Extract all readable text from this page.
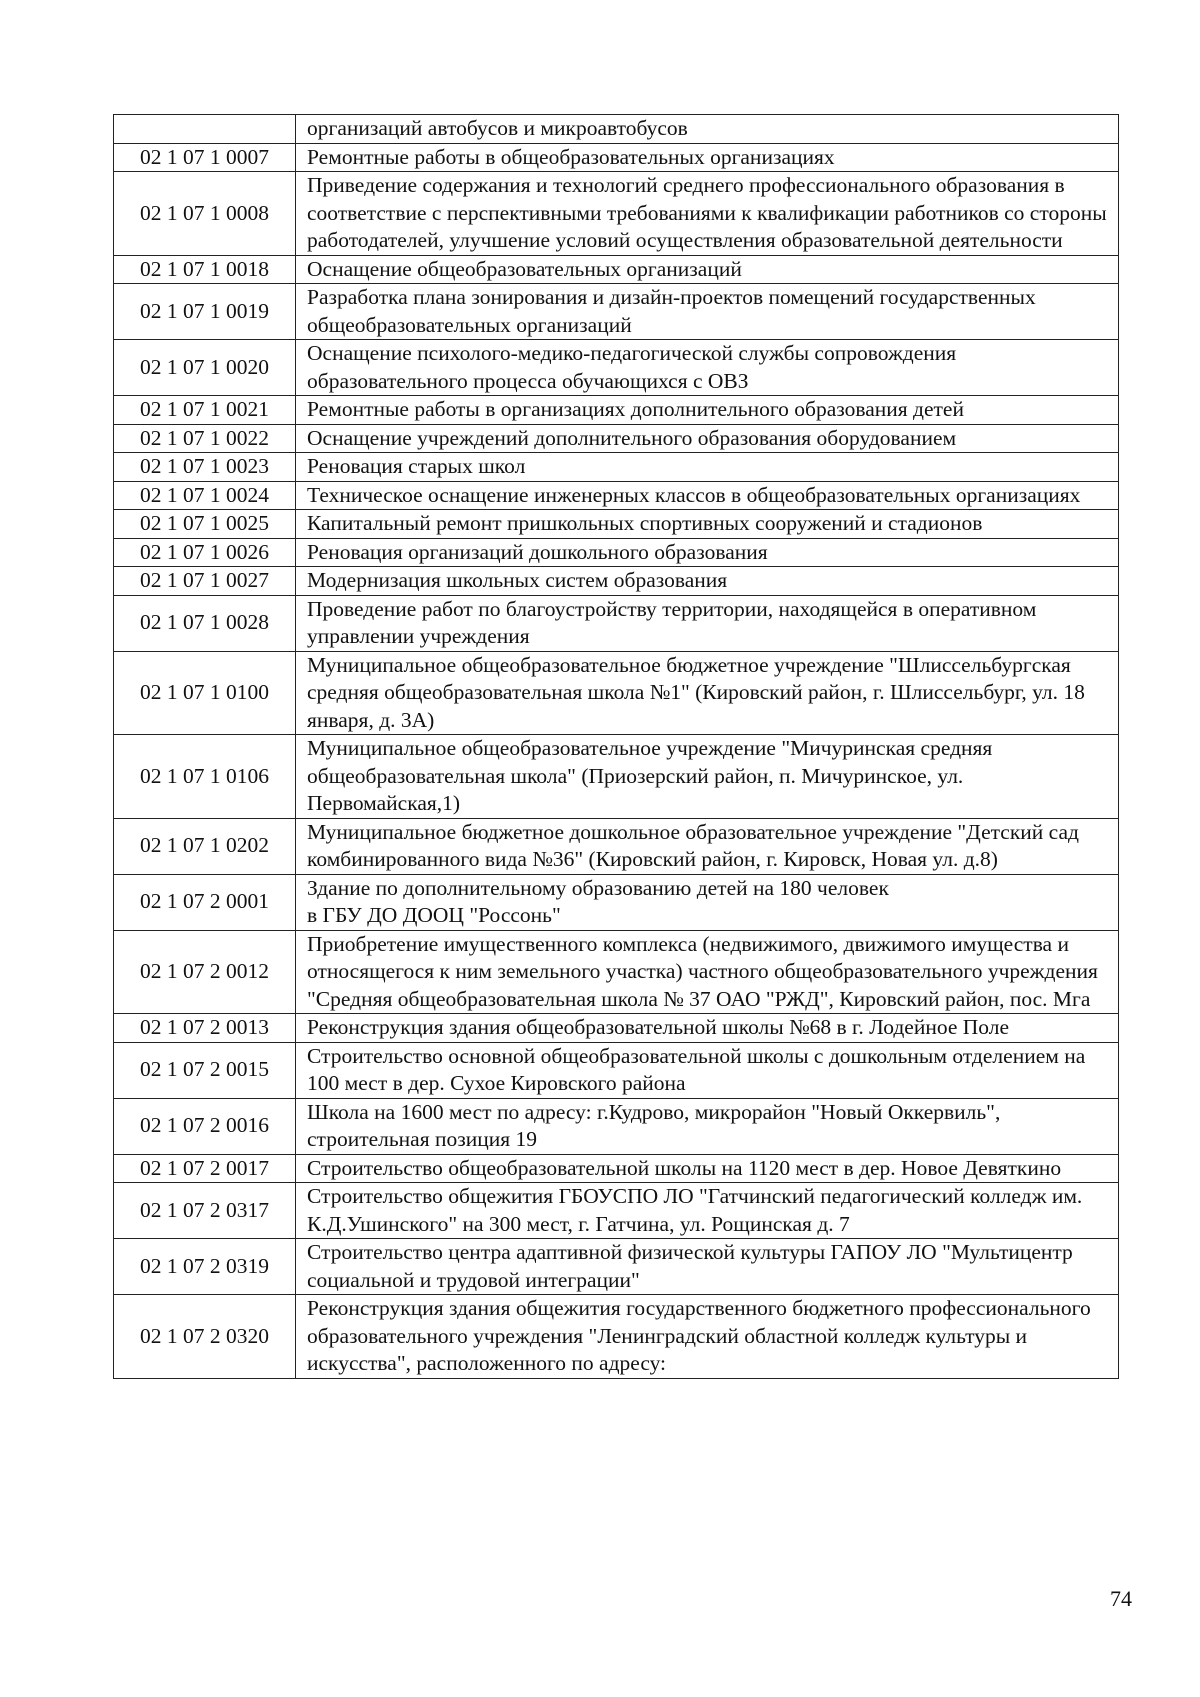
	организаций автобусов и микроавтобусов
02 1 07 1 0007	Ремонтные работы в общеобразовательных организациях
02 1 07 1 0008	Приведение содержания и технологий среднего профессионального образования в соответствие с перспективными требованиями к квалификации работников со стороны работодателей, улучшение условий осуществления образовательной деятельности
02 1 07 1 0018	Оснащение общеобразовательных организаций
02 1 07 1 0019	Разработка плана зонирования и дизайн-проектов помещений государственных общеобразовательных организаций
02 1 07 1 0020	Оснащение психолого-медико-педагогической службы сопровождения образовательного процесса обучающихся с ОВЗ
02 1 07 1 0021	Ремонтные работы в организациях дополнительного образования детей
02 1 07 1 0022	Оснащение учреждений дополнительного образования оборудованием
02 1 07 1 0023	Реновация старых школ
02 1 07 1 0024	Техническое оснащение инженерных классов в общеобразовательных организациях
02 1 07 1 0025	Капитальный ремонт пришкольных спортивных сооружений и стадионов
02 1 07 1 0026	Реновация организаций дошкольного образования
02 1 07 1 0027	Модернизация школьных систем образования
02 1 07 1 0028	Проведение работ по благоустройству территории, находящейся в оперативном управлении учреждения
02 1 07 1 0100	Муниципальное общеобразовательное бюджетное учреждение "Шлиссельбургская средняя общеобразовательная школа №1" (Кировский район, г. Шлиссельбург, ул. 18 января, д. 3А)
02 1 07 1 0106	Муниципальное общеобразовательное учреждение "Мичуринская средняя общеобразовательная школа" (Приозерский район, п. Мичуринское, ул. Первомайская,1)
02 1 07 1 0202	Муниципальное бюджетное дошкольное образовательное учреждение "Детский сад комбинированного вида №36" (Кировский район, г. Кировск, Новая ул. д.8)
02 1 07 2 0001	Здание по дополнительному образованию детей на 180 человек
в ГБУ ДО ДООЦ "Россонь"
02 1 07 2 0012	Приобретение имущественного комплекса (недвижимого, движимого имущества и относящегося к ним земельного участка) частного общеобразовательного учреждения "Средняя общеобразовательная школа № 37 ОАО "РЖД", Кировский район, пос. Мга
02 1 07 2 0013	Реконструкция здания общеобразовательной школы №68 в г. Лодейное Поле
02 1 07 2 0015	Строительство основной общеобразовательной школы с дошкольным отделением на 100 мест в дер. Сухое Кировского района
02 1 07 2 0016	Школа на 1600 мест по адресу: г.Кудрово, микрорайон "Новый Оккервиль", строительная позиция 19
02 1 07 2 0017	Строительство общеобразовательной школы на 1120 мест в дер. Новое Девяткино
02 1 07 2 0317	Строительство общежития ГБОУСПО ЛО "Гатчинский педагогический колледж им. К.Д.Ушинского" на 300 мест, г. Гатчина, ул. Рощинская д. 7
02 1 07 2 0319	Строительство центра адаптивной физической культуры ГАПОУ ЛО "Мультицентр социальной и трудовой интеграции"
02 1 07 2 0320	Реконструкция здания общежития государственного бюджетного профессионального образовательного учреждения "Ленинградский областной колледж культуры и искусства", расположенного по адресу:
74
